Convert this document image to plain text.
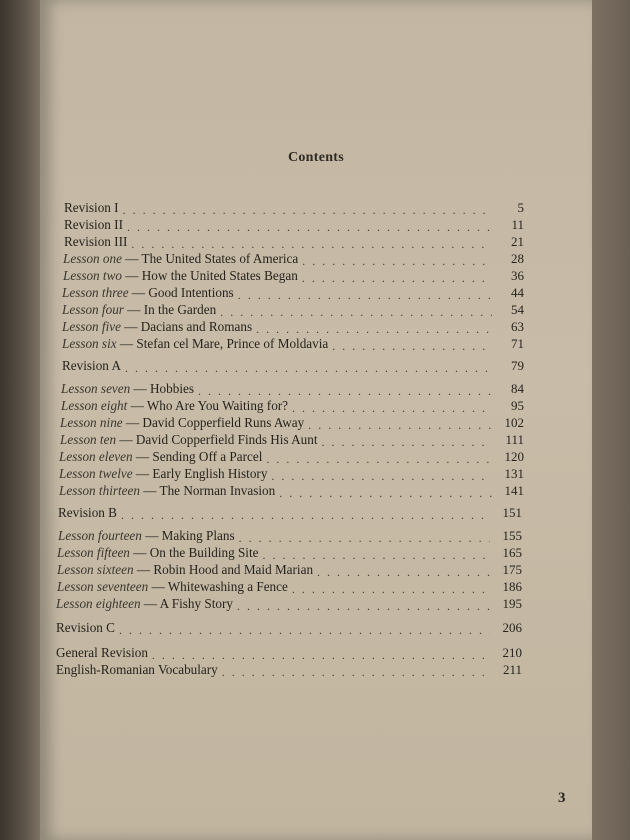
Contents
Revision I . . .	5
Revision II . . .	11
Revision III . . .	21
Lesson one — The United States of America . . .	28
Lesson two — How the United States Began . . .	36
Lesson three — Good Intentions . . .	44
Lesson four — In the Garden . . .	54
Lesson five — Dacians and Romans . . .	63
Lesson six — Stefan cel Mare, Prince of Moldavia . . .	71
Revision A . . .	79
Lesson seven — Hobbies . . .	84
Lesson eight — Who Are You Waiting for? . . .	95
Lesson nine — David Copperfield Runs Away . . .	102
Lesson ten — David Copperfield Finds His Aunt . . .	111
Lesson eleven — Sending Off a Parcel . . .	120
Lesson twelve — Early English History . . .	131
Lesson thirteen — The Norman Invasion . . .	141
Revision B . . .	151
Lesson fourteen — Making Plans . . .	155
Lesson fifteen — On the Building Site . . .	165
Lesson sixteen — Robin Hood and Maid Marian . . .	175
Lesson seventeen — Whitewashing a Fence . . .	186
Lesson eighteen — A Fishy Story . . .	195
Revision C . . .	206
General Revision . . .	210
English-Romanian Vocabulary . . .	211
3
